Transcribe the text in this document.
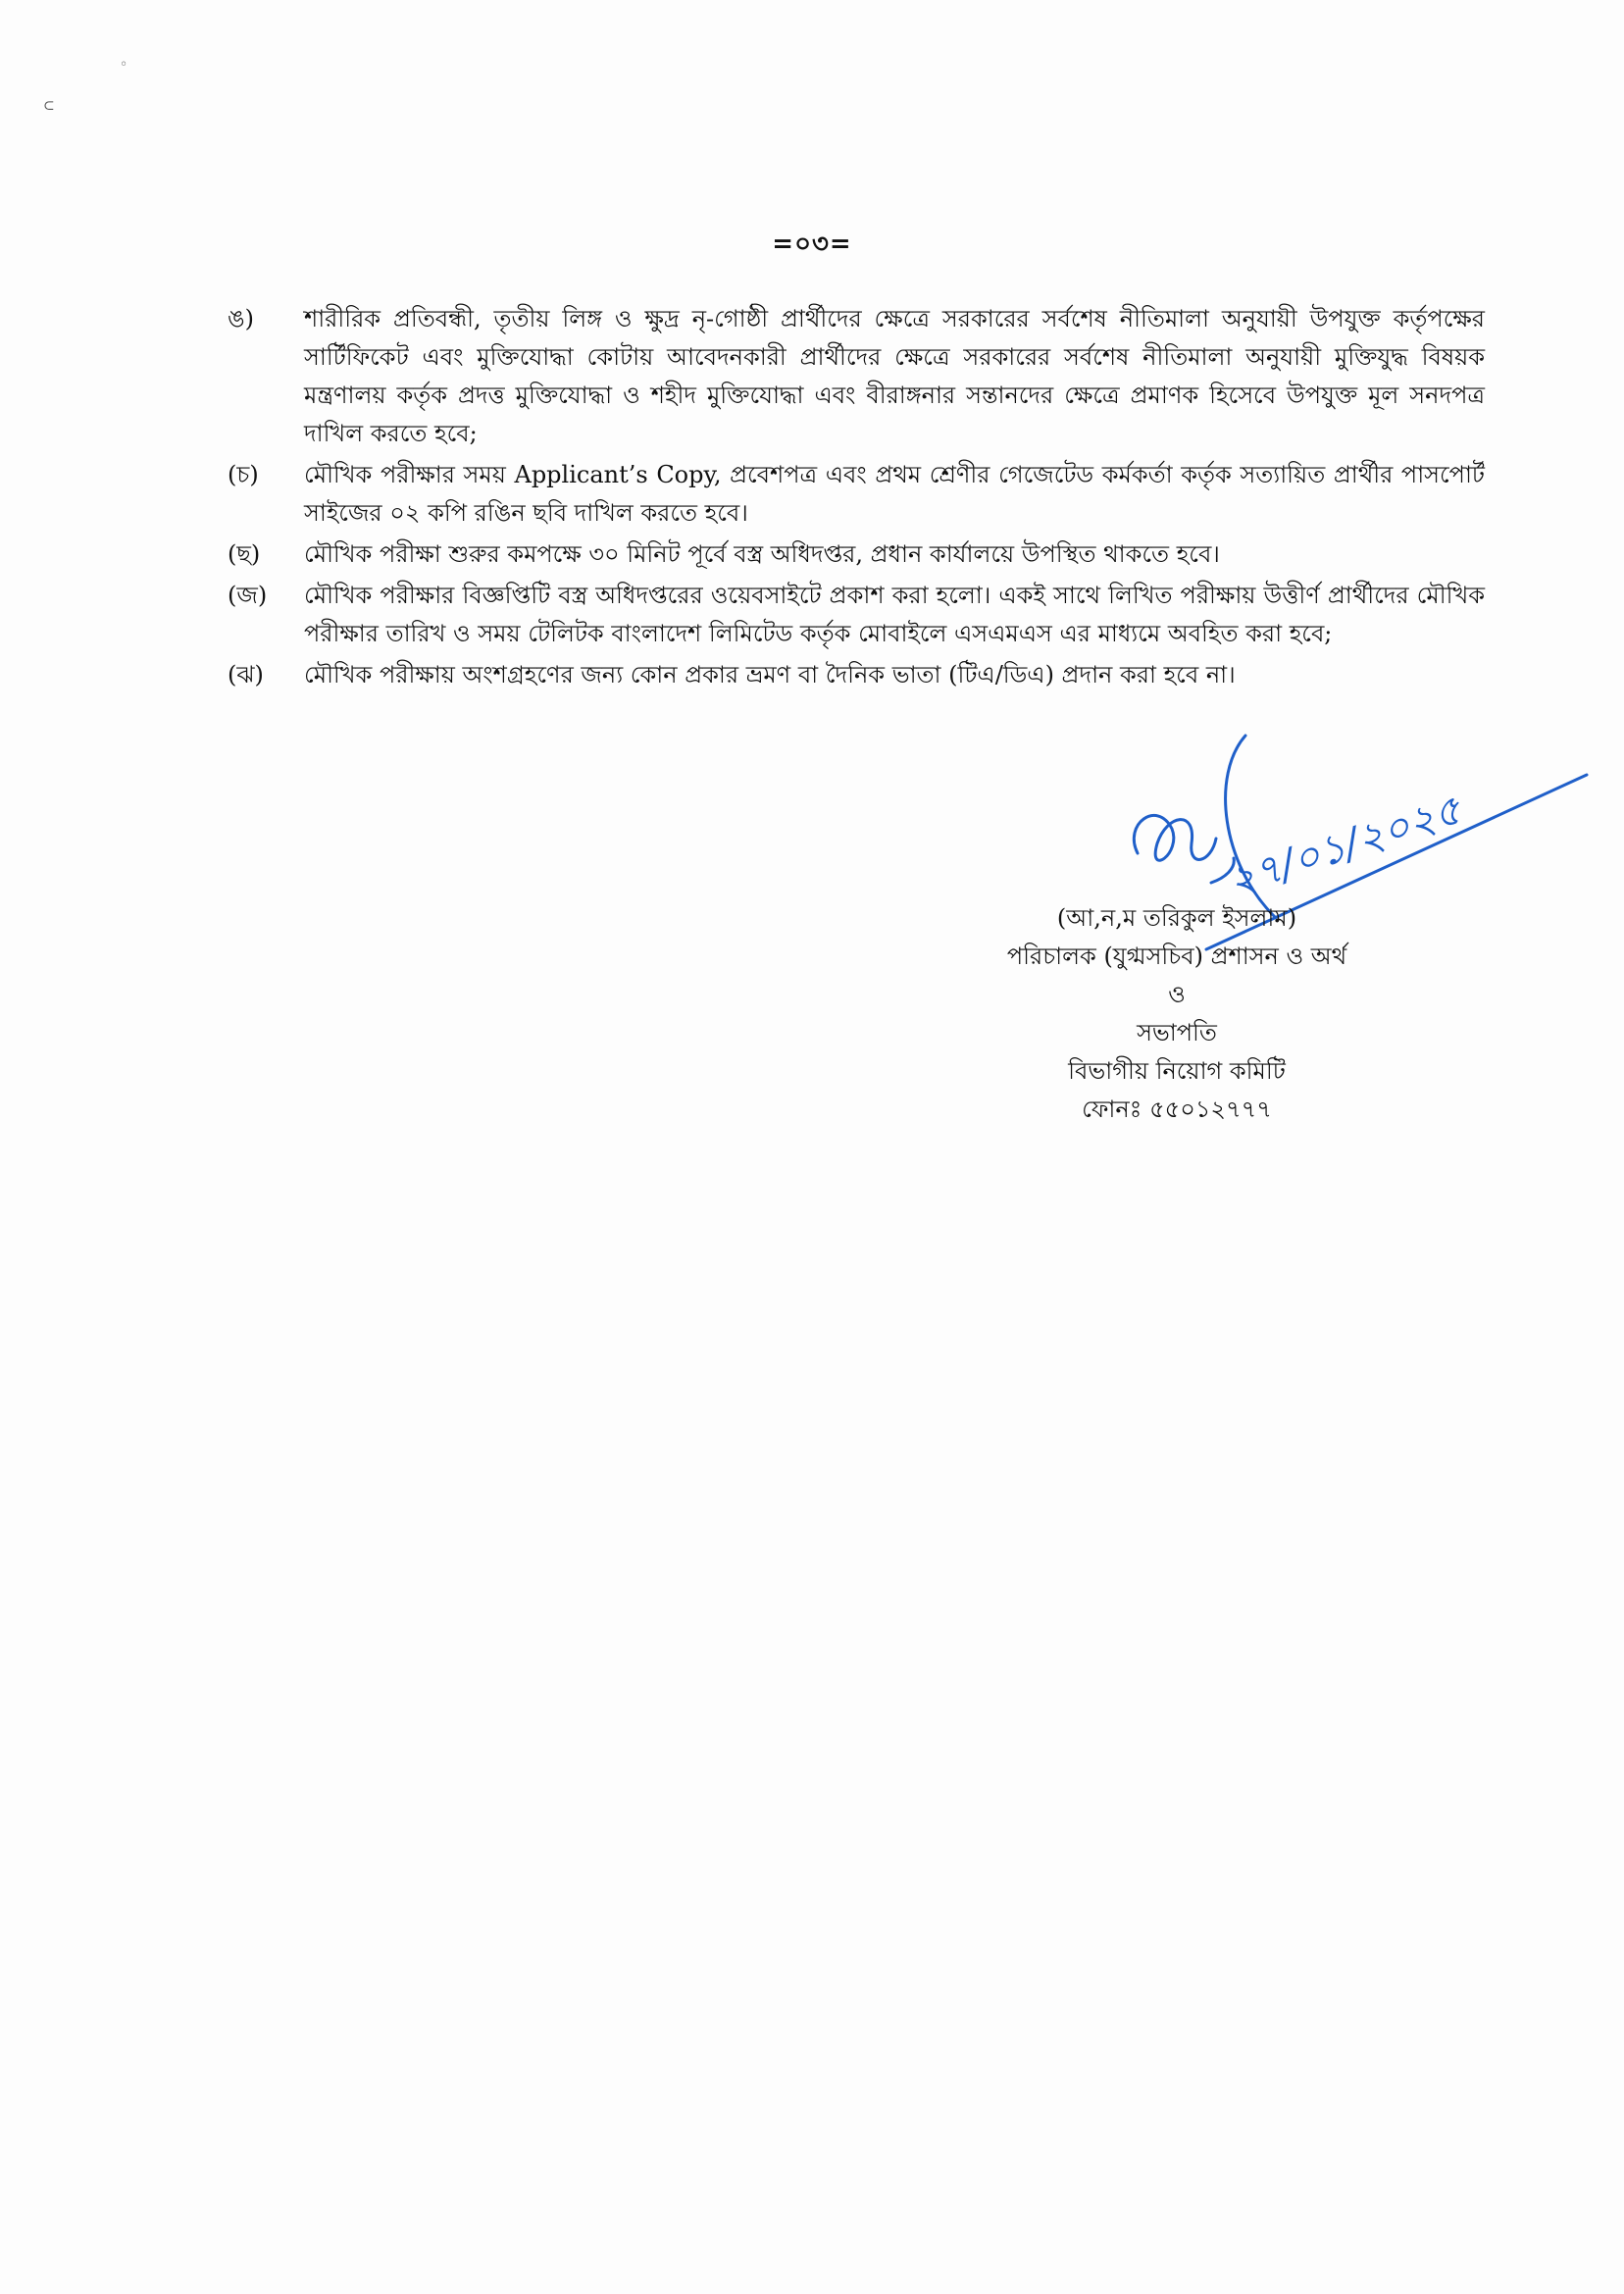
◦
⊂
=০৩=
ঙ)	শারীরিক প্রতিবন্ধী, তৃতীয় লিঙ্গ ও ক্ষুদ্র নৃ-গোষ্ঠী প্রার্থীদের ক্ষেত্রে সরকারের সর্বশেষ নীতিমালা অনুযায়ী উপযুক্ত কর্তৃপক্ষের সার্টিফিকেট এবং মুক্তিযোদ্ধা কোটায় আবেদনকারী প্রার্থীদের ক্ষেত্রে সরকারের সর্বশেষ নীতিমালা অনুযায়ী মুক্তিযুদ্ধ বিষয়ক মন্ত্রণালয় কর্তৃক প্রদত্ত মুক্তিযোদ্ধা ও শহীদ মুক্তিযোদ্ধা এবং বীরাঙ্গনার সন্তানদের ক্ষেত্রে প্রমাণক হিসেবে উপযুক্ত মূল সনদপত্র দাখিল করতে হবে;
(চ)	মৌখিক পরীক্ষার সময় Applicant’s Copy, প্রবেশপত্র এবং প্রথম শ্রেণীর গেজেটেড কর্মকর্তা কর্তৃক সত্যায়িত প্রার্থীর পাসপোর্ট সাইজের ০২ কপি রঙিন ছবি দাখিল করতে হবে।
(ছ)	মৌখিক পরীক্ষা শুরুর কমপক্ষে ৩০ মিনিট পূর্বে বস্ত্র অধিদপ্তর, প্রধান কার্যালয়ে উপস্থিত থাকতে হবে।
(জ)	মৌখিক পরীক্ষার বিজ্ঞপ্তিটি বস্ত্র অধিদপ্তরের ওয়েবসাইটে প্রকাশ করা হলো। একই সাথে লিখিত পরীক্ষায় উত্তীর্ণ প্রার্থীদের মৌখিক পরীক্ষার তারিখ ও সময় টেলিটক বাংলাদেশ লিমিটেড কর্তৃক মোবাইলে এসএমএস এর মাধ্যমে অবহিত করা হবে;
(ঝ)	মৌখিক পরীক্ষায় অংশগ্রহণের জন্য কোন প্রকার ভ্রমণ বা দৈনিক ভাতা (টিএ/ডিএ) প্রদান করা হবে না।
২৭/০১/২০২৫
(আ,ন,ম তরিকুল ইসলাম)
পরিচালক (যুগ্মসচিব) প্রশাসন ও অর্থ
ও
সভাপতি
বিভাগীয় নিয়োগ কমিটি
ফোনঃ ৫৫০১২৭৭৭
